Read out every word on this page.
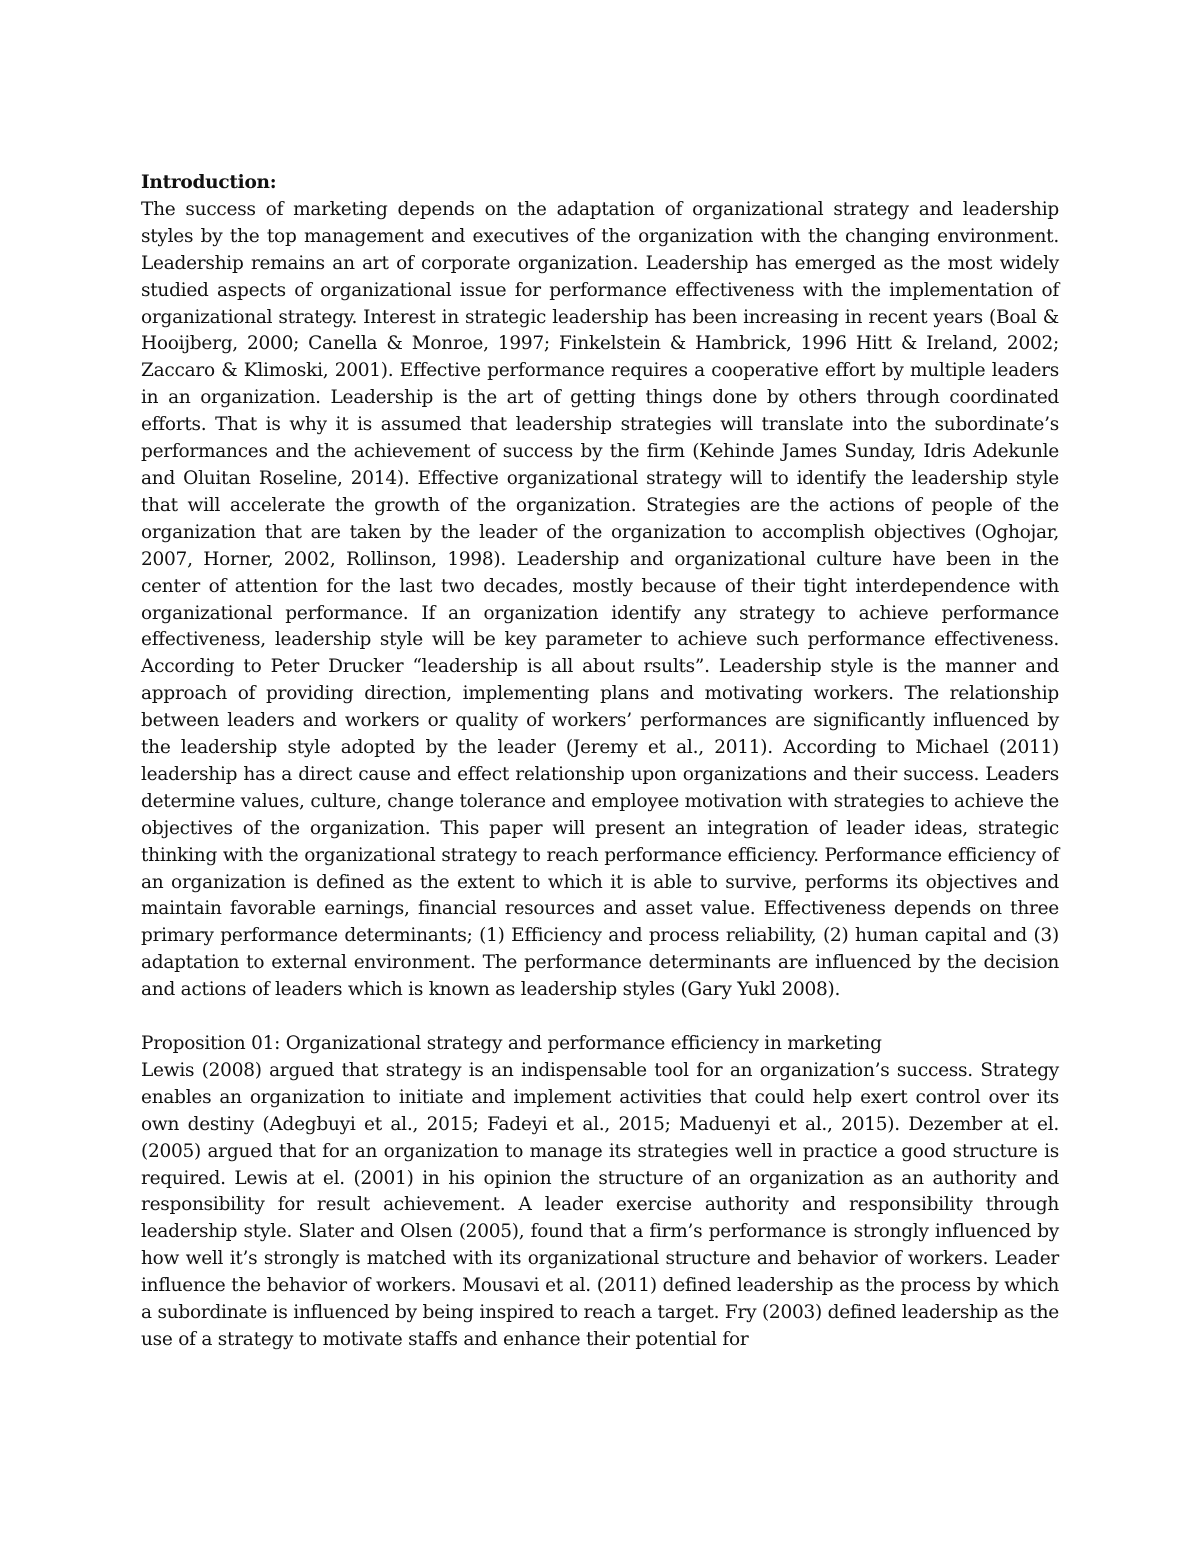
Introduction:

The success of marketing depends on the adaptation of organizational strategy and leadership styles by the top management and executives of the organization with the changing environment. Leadership remains an art of corporate organization. Leadership has emerged as the most widely studied aspects of organizational issue for performance effectiveness with the implementation of organizational strategy. Interest in strategic leadership has been increasing in recent years (Boal & Hooijberg, 2000; Canella & Monroe, 1997; Finkelstein & Hambrick, 1996 Hitt & Ireland, 2002; Zaccaro & Klimoski, 2001). Effective performance requires a cooperative effort by multiple leaders in an organization. Leadership is the art of getting things done by others through coordinated efforts. That is why it is assumed that leadership strategies will translate into the subordinate’s performances and the achievement of success by the firm (Kehinde James Sunday, Idris Adekunle and Oluitan Roseline, 2014). Effective organizational strategy will to identify the leadership style that will accelerate the growth of the organization. Strategies are the actions of people of the organization that are taken by the leader of the organization to accomplish objectives (Oghojar, 2007, Horner, 2002, Rollinson, 1998). Leadership and organizational culture have been in the center of attention for the last two decades, mostly because of their tight interdependence with organizational performance. If an organization identify any strategy to achieve performance effectiveness, leadership style will be key parameter to achieve such performance effectiveness. According to Peter Drucker “leadership is all about rsults”. Leadership style is the manner and approach of providing direction, implementing plans and motivating workers. The relationship between leaders and workers or quality of workers’ performances are significantly influenced by the leadership style adopted by the leader (Jeremy et al., 2011). According to Michael (2011) leadership has a direct cause and effect relationship upon organizations and their success. Leaders determine values, culture, change tolerance and employee motivation with strategies to achieve the objectives of the organization. This paper will present an integration of leader ideas, strategic thinking with the organizational strategy to reach performance efficiency. Performance efficiency of an organization is defined as the extent to which it is able to survive, performs its objectives and maintain favorable earnings, financial resources and asset value. Effectiveness depends on three primary performance determinants; (1) Efficiency and process reliability, (2) human capital and (3) adaptation to external environment. The performance determinants are influenced by the decision and actions of leaders which is known as leadership styles (Gary Yukl 2008).

Proposition 01: Organizational strategy and performance efficiency in marketing

Lewis (2008) argued that strategy is an indispensable tool for an organization’s success. Strategy enables an organization to initiate and implement activities that could help exert control over its own destiny (Adegbuyi et al., 2015; Fadeyi et al., 2015; Maduenyi et al., 2015). Dezember at el. (2005) argued that for an organization to manage its strategies well in practice a good structure is required. Lewis at el. (2001) in his opinion the structure of an organization as an authority and responsibility for result achievement. A leader exercise authority and responsibility through leadership style. Slater and Olsen (2005), found that a firm’s performance is strongly influenced by how well it’s strongly is matched with its organizational structure and behavior of workers. Leader influence the behavior of workers. Mousavi et al. (2011) defined leadership as the process by which a subordinate is influenced by being inspired to reach a target. Fry (2003) defined leadership as the use of a strategy to motivate staffs and enhance their potential for
